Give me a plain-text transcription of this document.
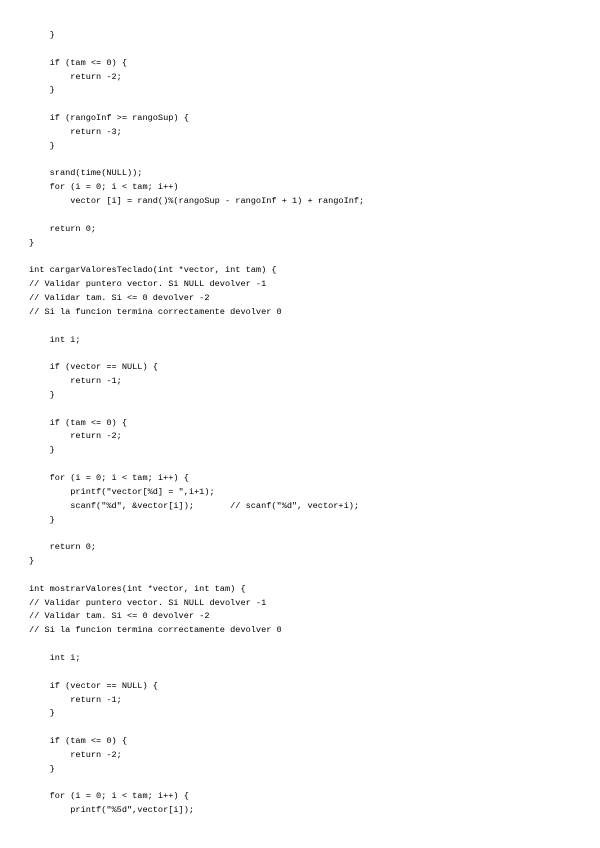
}
if (tam <= 0) {
return -2;
}
if (rangoInf >= rangoSup) {
return -3;
}
srand(time(NULL));
for (i = 0; i < tam; i++)
vector [i] = rand()%(rangoSup - rangoInf + 1) + rangoInf;
return 0;
}
int cargarValoresTeclado(int *vector, int tam) {
// Validar puntero vector. Si NULL devolver -1
// Validar tam. Si <= 0 devolver -2
// Si la funcion termina correctamente devolver 0
int i;
if (vector == NULL) {
return -1;
}
if (tam <= 0) {
return -2;
}
for (i = 0; i < tam; i++) {
printf("vector[%d] = ",i+1);
scanf("%d", &vector[i]);       // scanf("%d", vector+i);
}
return 0;
}
int mostrarValores(int *vector, int tam) {
// Validar puntero vector. Si NULL devolver -1
// Validar tam. Si <= 0 devolver -2
// Si la funcion termina correctamente devolver 0
int i;
if (vector == NULL) {
return -1;
}
if (tam <= 0) {
return -2;
}
for (i = 0; i < tam; i++) {
printf("%5d",vector[i]);
